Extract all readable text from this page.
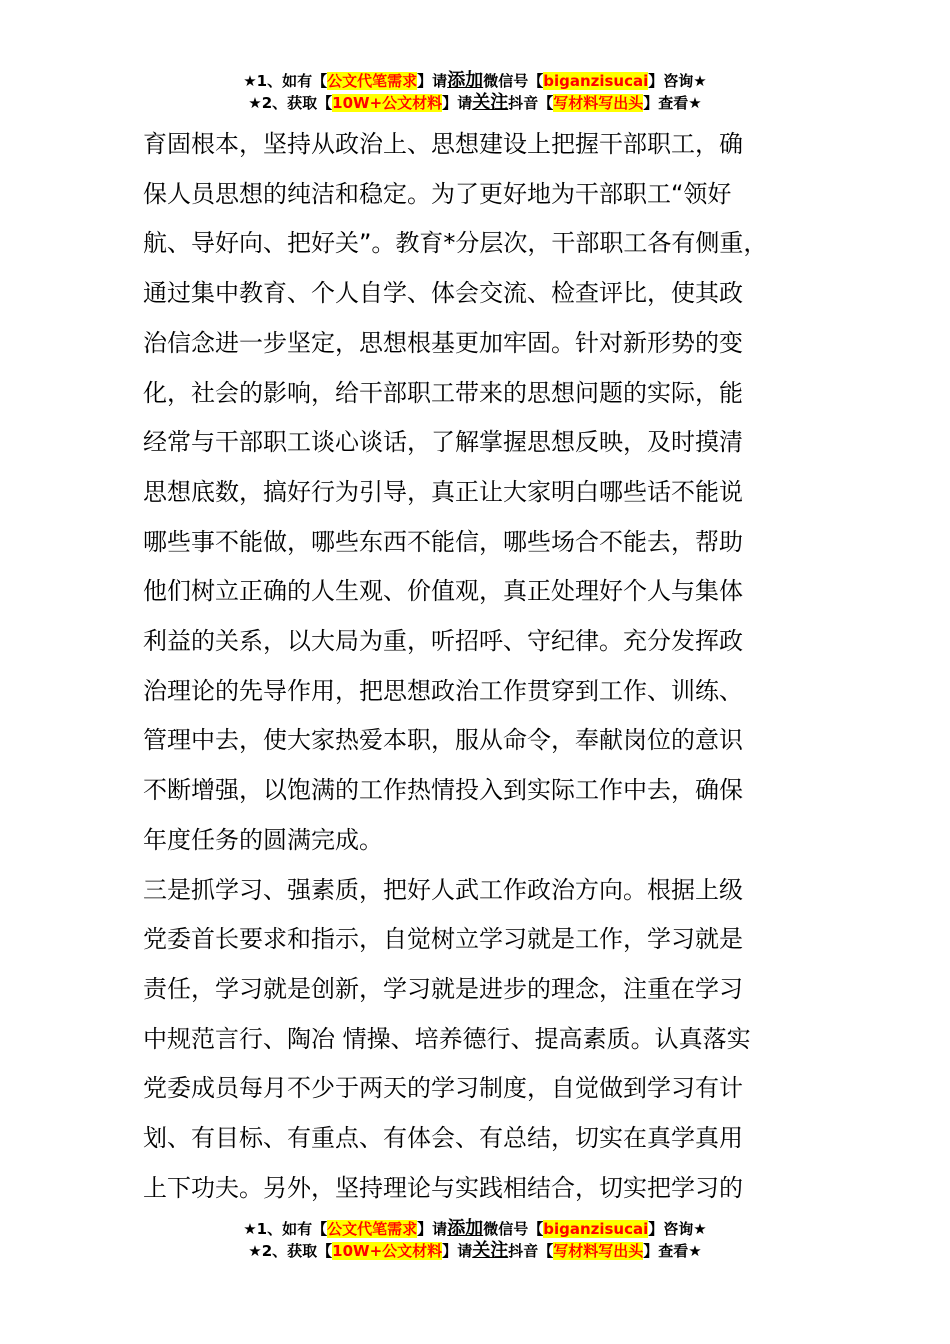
★1、如有【公文代笔需求】请添加微信号【biganzisucai】咨询★
★2、获取【10W+公文材料】请关注抖音【写材料写出头】查看★
育固根本，坚持从政治上、思想建设上把握干部职工，确
保人员思想的纯洁和稳定。为了更好地为干部职工“领好
航、导好向、把好关”。教育*分层次，干部职工各有侧重，
通过集中教育、个人自学、体会交流、检查评比，使其政
治信念进一步坚定，思想根基更加牢固。针对新形势的变
化，社会的影响，给干部职工带来的思想问题的实际，能
经常与干部职工谈心谈话，了解掌握思想反映，及时摸清
思想底数，搞好行为引导，真正让大家明白哪些话不能说
哪些事不能做，哪些东西不能信，哪些场合不能去，帮助
他们树立正确的人生观、价值观，真正处理好个人与集体
利益的关系，以大局为重，听招呼、守纪律。充分发挥政
治理论的先导作用，把思想政治工作贯穿到工作、训练、
管理中去，使大家热爱本职，服从命令，奉献岗位的意识
不断增强，以饱满的工作热情投入到实际工作中去，确保
年度任务的圆满完成。
三是抓学习、强素质，把好人武工作政治方向。根据上级
党委首长要求和指示，自觉树立学习就是工作，学习就是
责任，学习就是创新，学习就是进步的理念，注重在学习
中规范言行、陶冶 情操、培养德行、提高素质。认真落实
党委成员每月不少于两天的学习制度，自觉做到学习有计
划、有目标、有重点、有体会、有总结，切实在真学真用
上下功夫。另外，坚持理论与实践相结合，切实把学习的
★1、如有【公文代笔需求】请添加微信号【biganzisucai】咨询★
★2、获取【10W+公文材料】请关注抖音【写材料写出头】查看★
